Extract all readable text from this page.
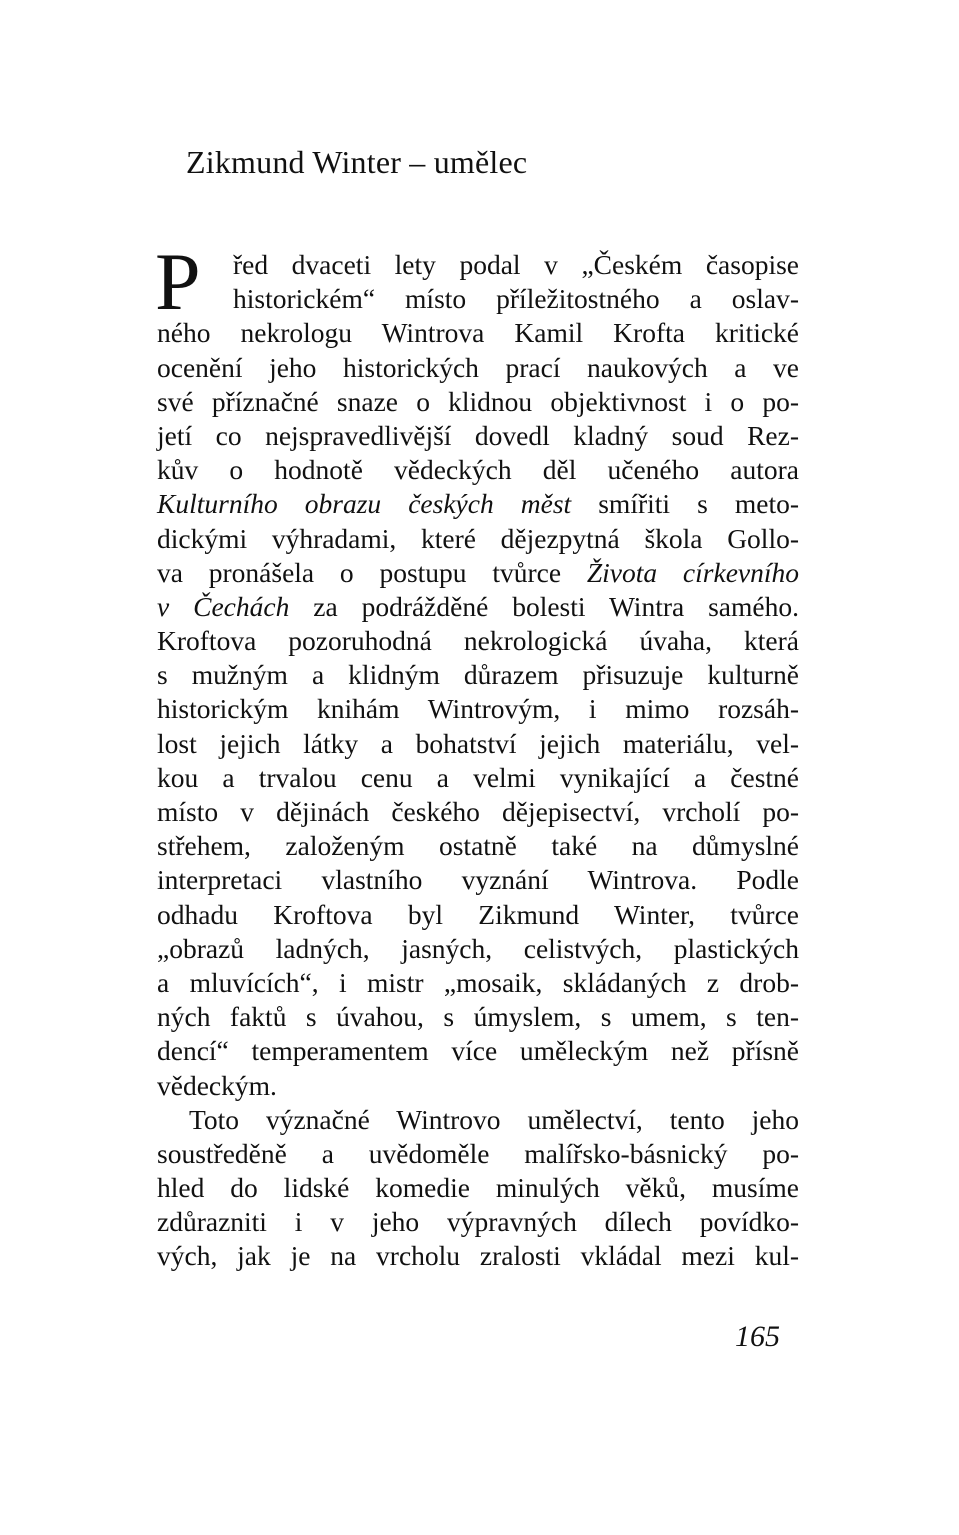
Zikmund Winter – umělec
P	řed dvaceti lety podal v „Českém časopise
historickém“ místo příležitostného a oslav-
ného nekrologu Wintrova Kamil Krofta kritické
ocenění jeho historických prací naukových a ve
své příznačné snaze o klidnou objektivnost i o po-
jetí co nejspravedlivější dovedl kladný soud Rez-
kův o hodnotě vědeckých děl učeného autora
Kulturního obrazu českých měst smířiti s meto-
dickými výhradami, které dějezpytná škola Gollo-
va pronášela o postupu tvůrce Života církevního
v Čechách za podrážděné bolesti Wintra samého.
Kroftova pozoruhodná nekrologická úvaha, která
s mužným a klidným důrazem přisuzuje kulturně
historickým knihám Wintrovým, i mimo rozsáh-
lost jejich látky a bohatství jejich materiálu, vel-
kou a trvalou cenu a velmi vynikající a čestné
místo v dějinách českého dějepisectví, vrcholí po-
střehem, založeným ostatně také na důmyslné
interpretaci vlastního vyznání Wintrova. Podle
odhadu Kroftova byl Zikmund Winter, tvůrce
„obrazů ladných, jasných, celistvých, plastických
a mluvících“, i mistr „mosaik, skládaných z drob-
ných faktů s úvahou, s úmyslem, s umem, s ten-
dencí“ temperamentem více uměleckým než přísně
vědeckým.
Toto význačné Wintrovo umělectví, tento jeho
soustředěně a uvědoměle malířsko-básnický po-
hled do lidské komedie minulých věků, musíme
zdůrazniti i v jeho výpravných dílech povídko-
vých, jak je na vrcholu zralosti vkládal mezi kul-
165
